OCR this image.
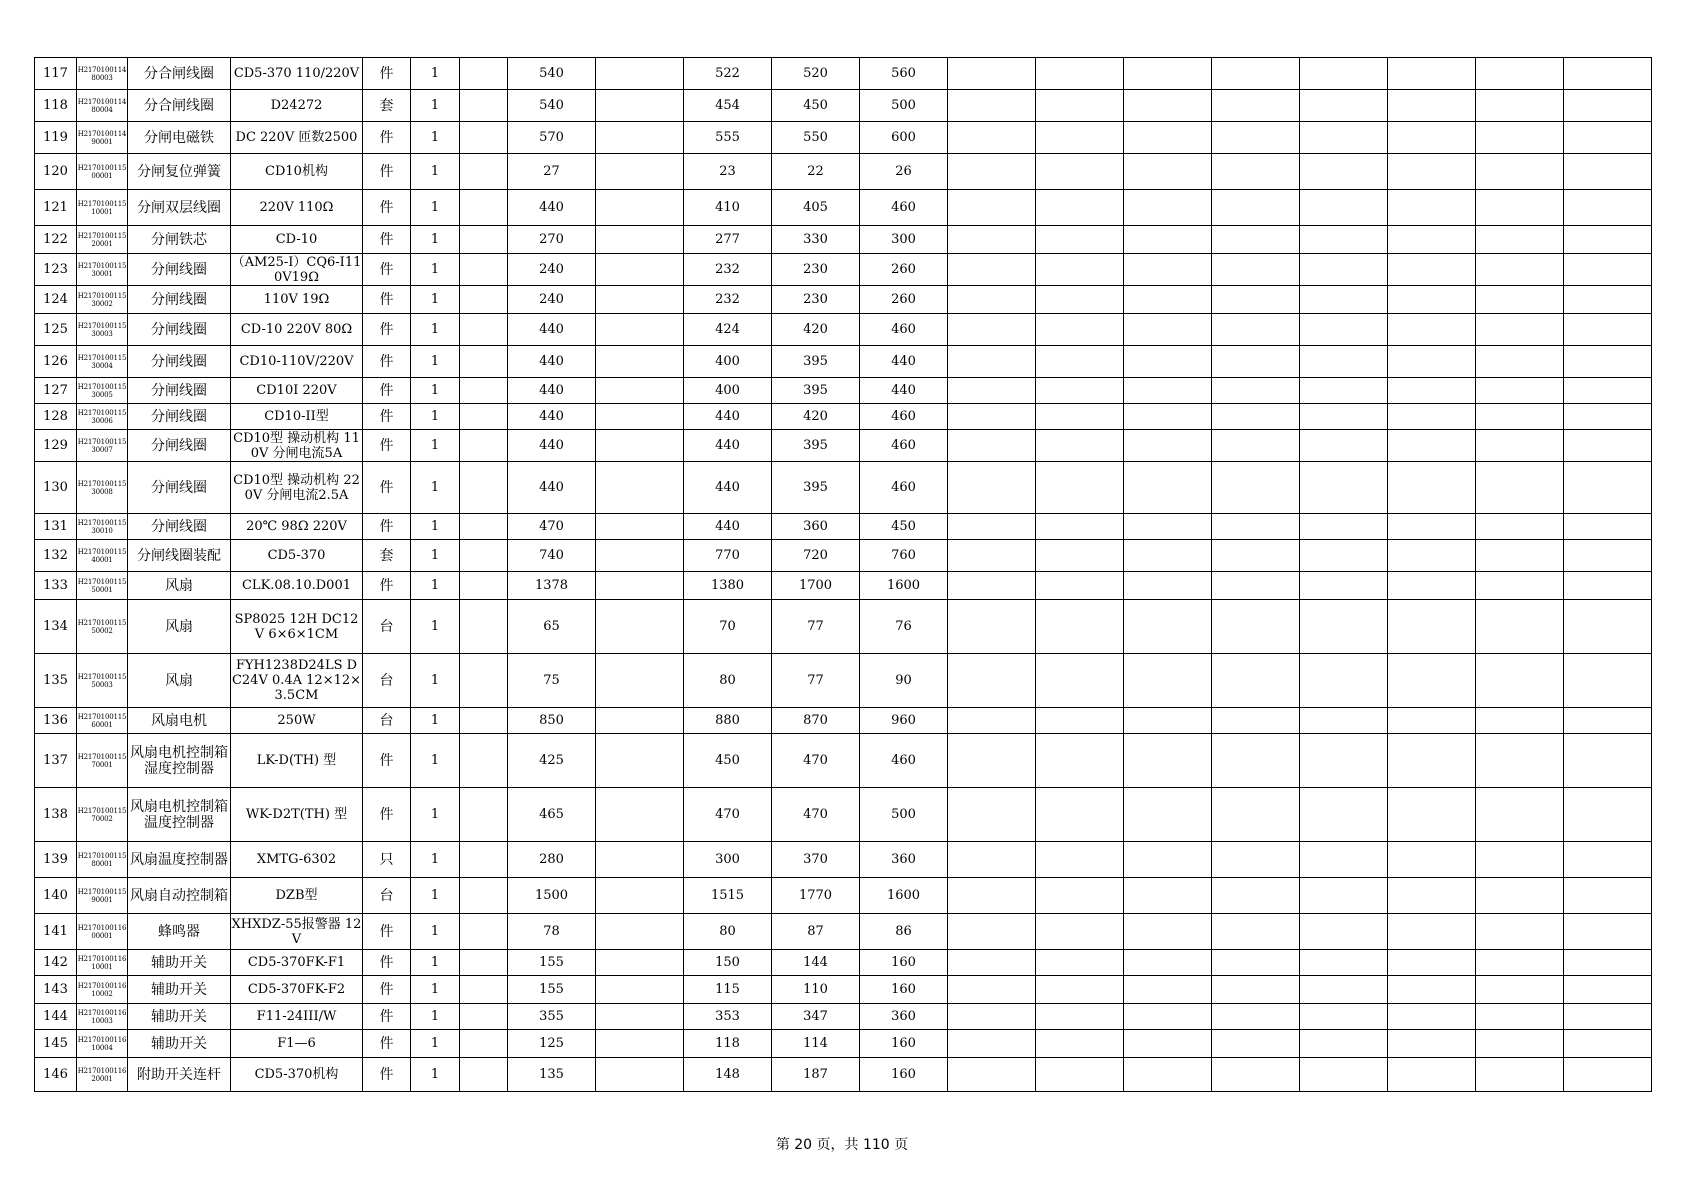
117	H217010011480003	分合闸线圈	CD5-370 110/220V	件	1		540		522	520	560								
118	H217010011480004	分合闸线圈	D24272	套	1		540		454	450	500								
119	H217010011490001	分闸电磁铁	DC 220V 匝数2500	件	1		570		555	550	600								
120	H217010011500001	分闸复位弹簧	CD10机构	件	1		27		23	22	26								
121	H217010011510001	分闸双层线圈	220V 110Ω	件	1		440		410	405	460								
122	H217010011520001	分闸铁芯	CD-10	件	1		270		277	330	300								
123	H217010011530001	分闸线圈	（AM25-I）CQ6-I110V19Ω	件	1		240		232	230	260								
124	H217010011530002	分闸线圈	110V 19Ω	件	1		240		232	230	260								
125	H217010011530003	分闸线圈	CD-10 220V 80Ω	件	1		440		424	420	460								
126	H217010011530004	分闸线圈	CD10-110V/220V	件	1		440		400	395	440								
127	H217010011530005	分闸线圈	CD10I 220V	件	1		440		400	395	440								
128	H217010011530006	分闸线圈	CD10-II型	件	1		440		440	420	460								
129	H217010011530007	分闸线圈	CD10型 操动机构 110V 分闸电流5A	件	1		440		440	395	460								
130	H217010011530008	分闸线圈	CD10型 操动机构 220V 分闸电流2.5A	件	1		440		440	395	460								
131	H217010011530010	分闸线圈	20℃ 98Ω 220V	件	1		470		440	360	450								
132	H217010011540001	分闸线圈装配	CD5-370	套	1		740		770	720	760								
133	H217010011550001	风扇	CLK.08.10.D001	件	1		1378		1380	1700	1600								
134	H217010011550002	风扇	SP8025 12H DC12V 6×6×1CM	台	1		65		70	77	76								
135	H217010011550003	风扇	FYH1238D24LS DC24V 0.4A 12×12×3.5CM	台	1		75		80	77	90								
136	H217010011560001	风扇电机	250W	台	1		850		880	870	960								
137	H217010011570001	风扇电机控制箱湿度控制器	LK-D(TH) 型	件	1		425		450	470	460								
138	H217010011570002	风扇电机控制箱温度控制器	WK-D2T(TH) 型	件	1		465		470	470	500								
139	H217010011580001	风扇温度控制器	XMTG-6302	只	1		280		300	370	360								
140	H217010011590001	风扇自动控制箱	DZB型	台	1		1500		1515	1770	1600								
141	H217010011600001	蜂鸣器	XHXDZ-55报警器 12V	件	1		78		80	87	86								
142	H217010011610001	辅助开关	CD5-370FK-F1	件	1		155		150	144	160								
143	H217010011610002	辅助开关	CD5-370FK-F2	件	1		155		115	110	160								
144	H217010011610003	辅助开关	F11-24III/W	件	1		355		353	347	360								
145	H217010011610004	辅助开关	F1—6	件	1		125		118	114	160								
146	H217010011620001	附助开关连杆	CD5-370机构	件	1		135		148	187	160								
第 20 页，共 110 页
